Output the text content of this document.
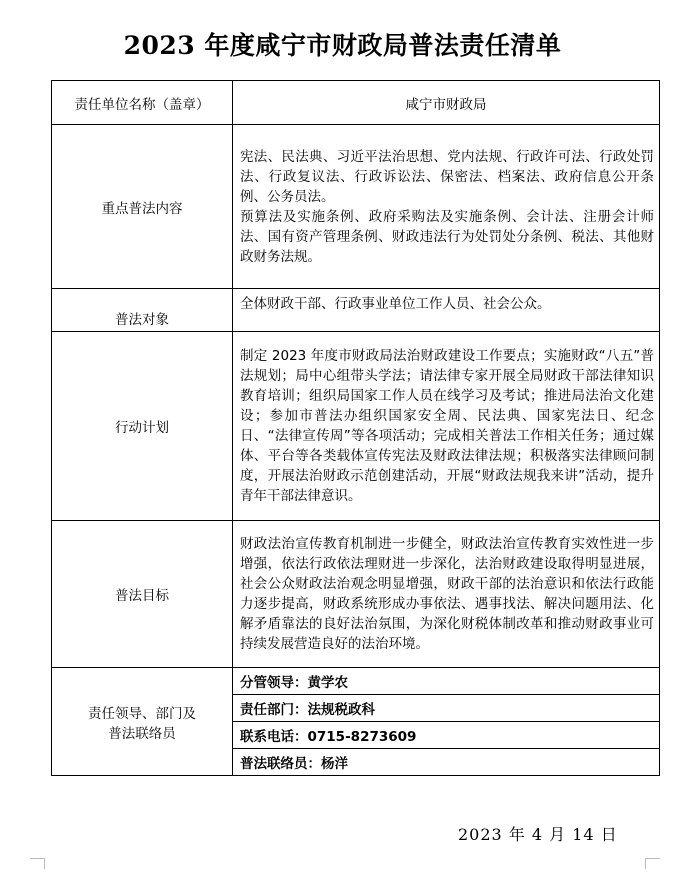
2023 年度咸宁市财政局普法责任清单
责任单位名称（盖章）	咸宁市财政局
重点普法内容	宪法、民法典、习近平法治思想、党内法规、行政许可法、行政处罚法、行政复议法、行政诉讼法、保密法、档案法、政府信息公开条例、公务员法。
预算法及实施条例、政府采购法及实施条例、会计法、注册会计师法、国有资产管理条例、财政违法行为处罚处分条例、税法、其他财政财务法规。

普法对象	全体财政干部、行政事业单位工作人员、社会公众。
行动计划	制定 2023 年度市财政局法治财政建设工作要点；实施财政“八五”普法规划；局中心组带头学法；请法律专家开展全局财政干部法律知识教育培训；组织局国家工作人员在线学习及考试；推进局法治文化建设；参加市普法办组织国家安全周、民法典、国家宪法日、纪念日、“法律宣传周”等各项活动；完成相关普法工作相关任务；通过媒体、平台等各类载体宣传宪法及财政法律法规；积极落实法律顾问制度，开展法治财政示范创建活动，开展“财政法规我来讲”活动，提升青年干部法律意识。
普法目标	财政法治宣传教育机制进一步健全，财政法治宣传教育实效性进一步增强，依法行政依法理财进一步深化，法治财政建设取得明显进展，社会公众财政法治观念明显增强，财政干部的法治意识和依法行政能力逐步提高，财政系统形成办事依法、遇事找法、解决问题用法、化解矛盾靠法的良好法治氛围，为深化财税体制改革和推动财政事业可持续发展营造良好的法治环境。

责任领导、部门及
普法联络员	分管领导：黄学农
	责任部门：法规税政科
	联系电话：0715-8273609
	普法联络员：杨洋
2023 年 4 月 14 日
